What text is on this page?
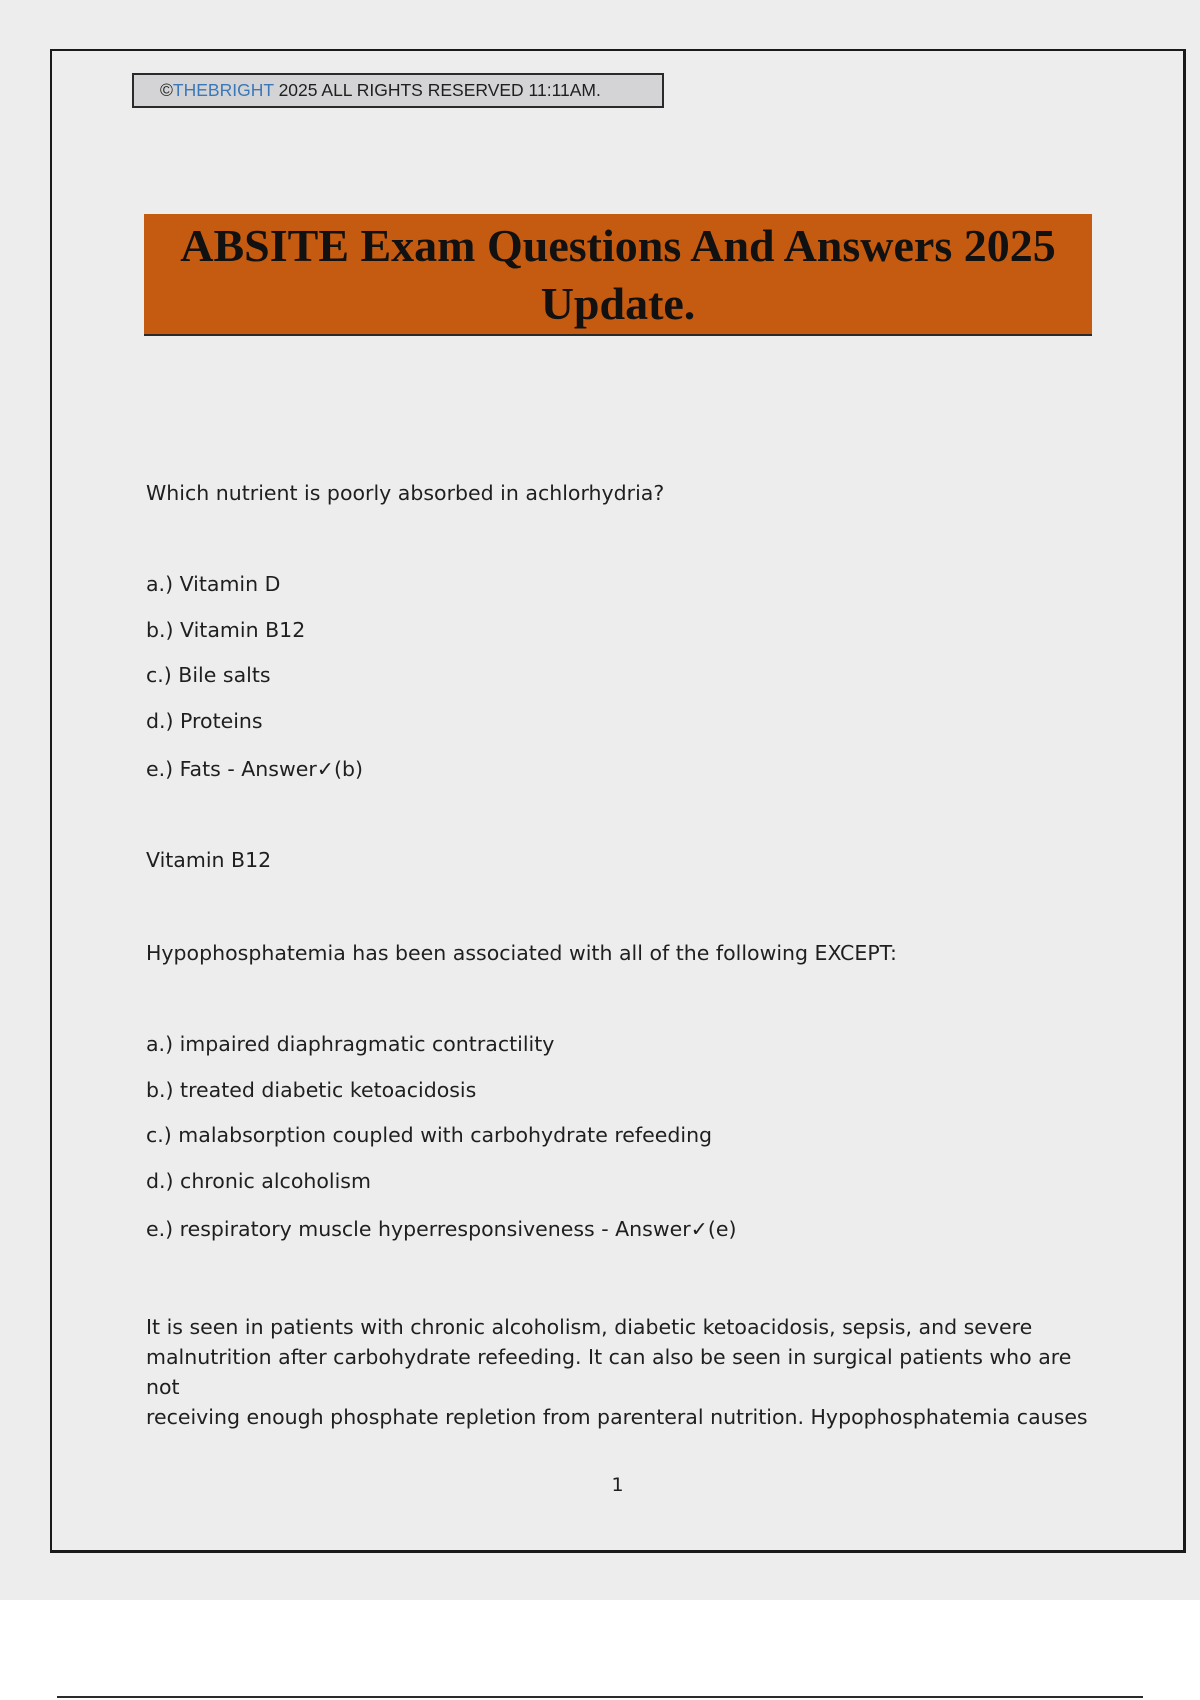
©THEBRIGHT 2025 ALL RIGHTS RESERVED 11:11AM.
ABSITE Exam Questions And Answers 2025
Update.
Which nutrient is poorly absorbed in achlorhydria?
a.) Vitamin D
b.) Vitamin B12
c.) Bile salts
d.) Proteins
e.) Fats - Answer✓(b)
Vitamin B12
Hypophosphatemia has been associated with all of the following EXCEPT:
a.) impaired diaphragmatic contractility
b.) treated diabetic ketoacidosis
c.) malabsorption coupled with carbohydrate refeeding
d.) chronic alcoholism
e.) respiratory muscle hyperresponsiveness - Answer✓(e)
It is seen in patients with chronic alcoholism, diabetic ketoacidosis, sepsis, and severe
malnutrition after carbohydrate refeeding. It can also be seen in surgical patients who are not
receiving enough phosphate repletion from parenteral nutrition. Hypophosphatemia causes
1
